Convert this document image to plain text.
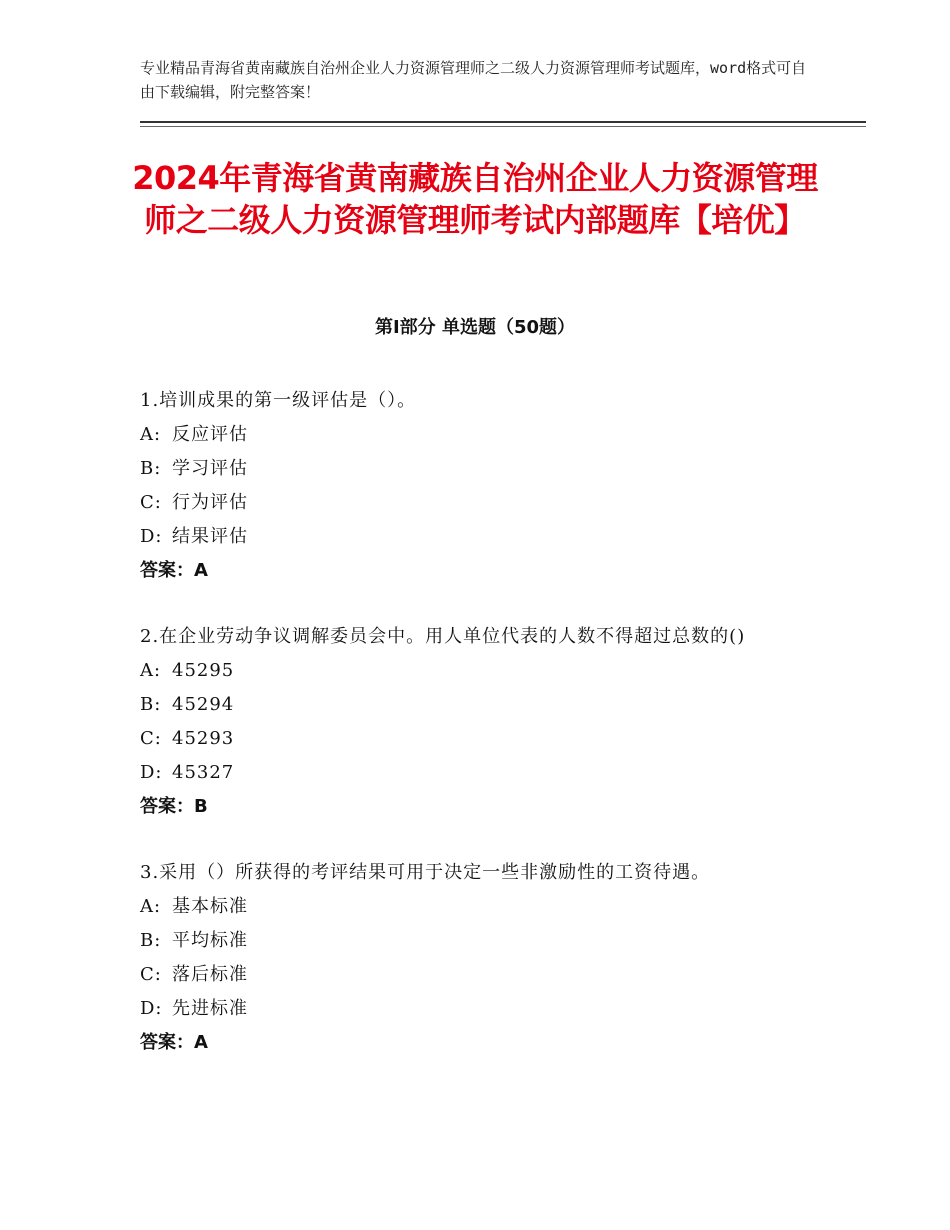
专业精品青海省黄南藏族自治州企业人力资源管理师之二级人力资源管理师考试题库，word格式可自由下载编辑，附完整答案！
2024年青海省黄南藏族自治州企业人力资源管理师之二级人力资源管理师考试内部题库【培优】
第Ⅰ部分 单选题（50题）
1.培训成果的第一级评估是（）。
A: 反应评估
B: 学习评估
C: 行为评估
D: 结果评估
答案：A
2.在企业劳动争议调解委员会中。用人单位代表的人数不得超过总数的()
A: 45295
B: 45294
C: 45293
D: 45327
答案：B
3.采用（）所获得的考评结果可用于决定一些非激励性的工资待遇。
A: 基本标准
B: 平均标准
C: 落后标准
D: 先进标准
答案：A
